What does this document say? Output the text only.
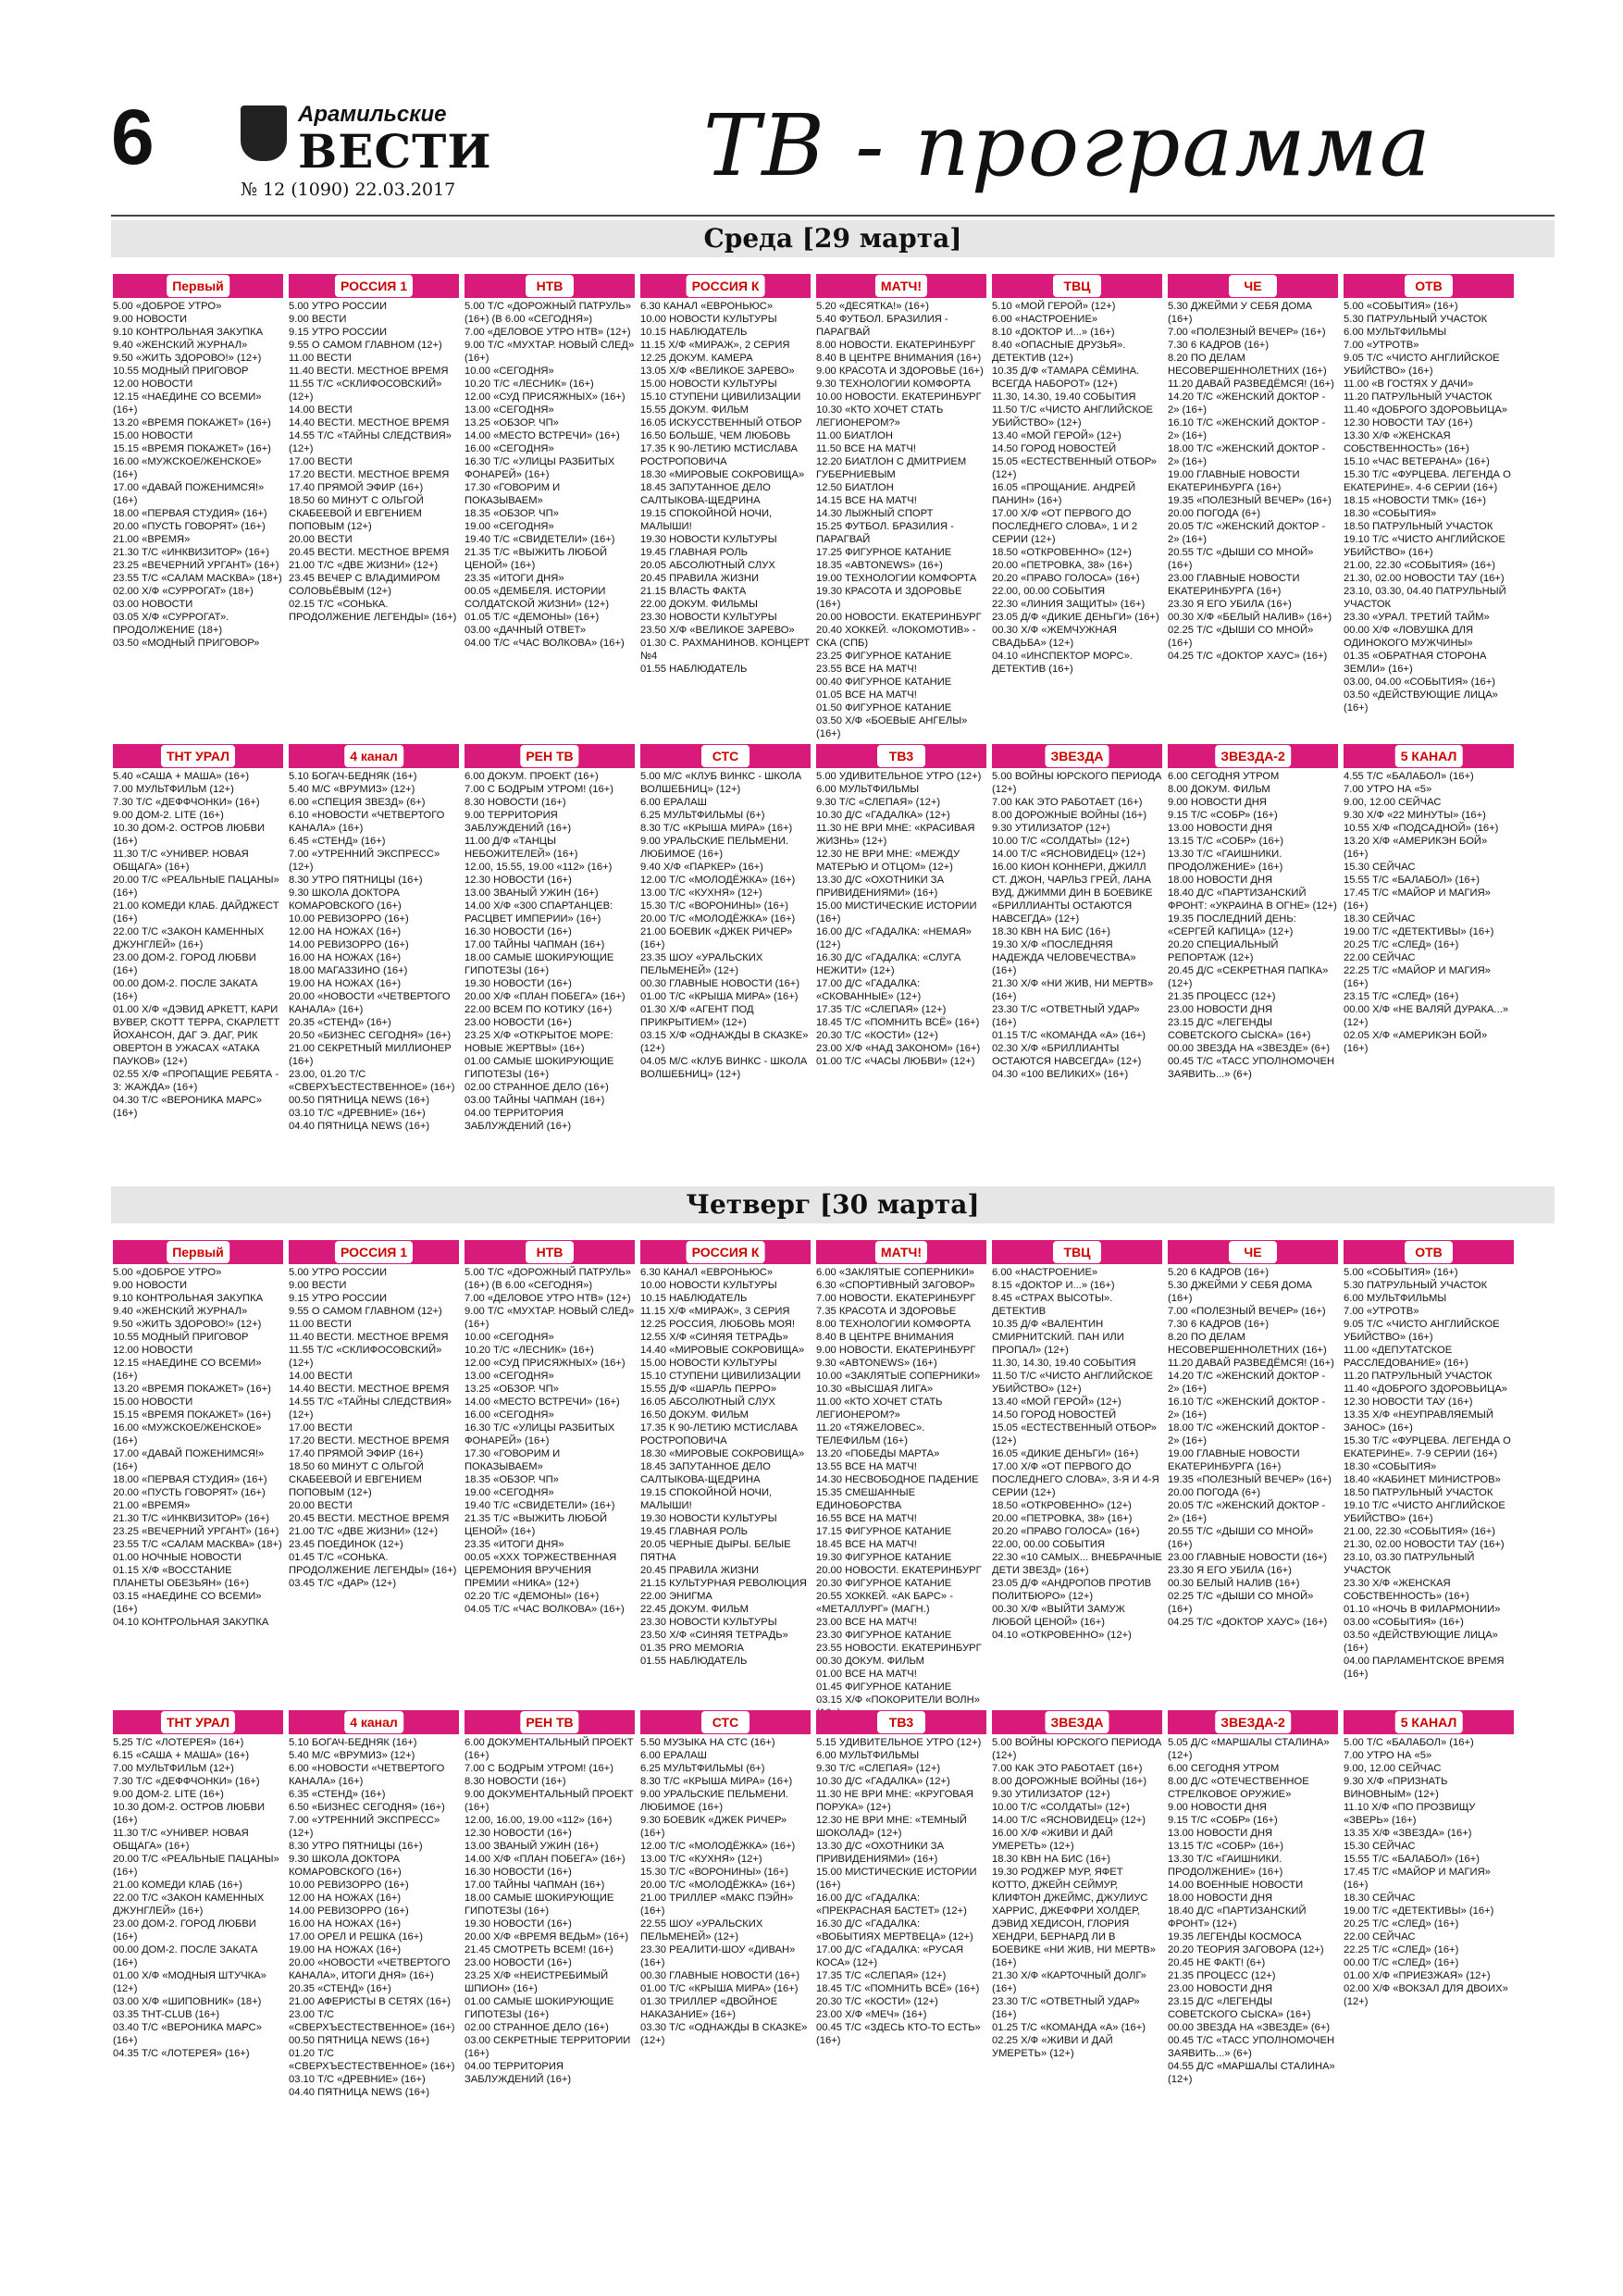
6	Арамильские
ВЕСТИ
№ 12 (1090) 22.03.2017	ТВ - программа
Среда [29 марта]
Первый
5.00 «ДОБРОЕ УТРО»
9.00 НОВОСТИ
9.10 КОНТРОЛЬНАЯ ЗАКУПКА
9.40 «ЖЕНСКИЙ ЖУРНАЛ»
9.50 «ЖИТЬ ЗДОРОВО!» (12+)
10.55 МОДНЫЙ ПРИГОВОР
12.00 НОВОСТИ
12.15 «НАЕДИНЕ СО ВСЕМИ» (16+)
13.20 «ВРЕМЯ ПОКАЖЕТ» (16+)
15.00 НОВОСТИ
15.15 «ВРЕМЯ ПОКАЖЕТ» (16+)
16.00 «МУЖСКОЕ/ЖЕНСКОЕ» (16+)
17.00 «ДАВАЙ ПОЖЕНИМСЯ!» (16+)
18.00 «ПЕРВАЯ СТУДИЯ» (16+)
20.00 «ПУСТЬ ГОВОРЯТ» (16+)
21.00 «ВРЕМЯ»
21.30 Т/С «ИНКВИЗИТОР» (16+)
23.25 «ВЕЧЕРНИЙ УРГАНТ» (16+)
23.55 Т/С «САЛАМ МАСКВА» (18+)
02.00 Х/Ф «СУРРОГАТ» (18+)
03.00 НОВОСТИ
03.05 Х/Ф «СУРРОГАТ». ПРОДОЛЖЕНИЕ (18+)
03.50 «МОДНЫЙ ПРИГОВОР»
РОССИЯ 1
5.00 УТРО РОССИИ
9.00 ВЕСТИ
9.15 УТРО РОССИИ
9.55 О САМОМ ГЛАВНОМ (12+)
11.00 ВЕСТИ
11.40 ВЕСТИ. МЕСТНОЕ ВРЕМЯ
11.55 Т/С «СКЛИФОСОВСКИЙ» (12+)
14.00 ВЕСТИ
14.40 ВЕСТИ. МЕСТНОЕ ВРЕМЯ
14.55 Т/С «ТАЙНЫ СЛЕДСТВИЯ» (12+)
17.00 ВЕСТИ
17.20 ВЕСТИ. МЕСТНОЕ ВРЕМЯ
17.40 ПРЯМОЙ ЭФИР (16+)
18.50 60 МИНУТ С ОЛЬГОЙ СКАБЕЕВОЙ И ЕВГЕНИЕМ ПОПОВЫМ (12+)
20.00 ВЕСТИ
20.45 ВЕСТИ. МЕСТНОЕ ВРЕМЯ
21.00 Т/С «ДВЕ ЖИЗНИ» (12+)
23.45 ВЕЧЕР С ВЛАДИМИРОМ СОЛОВЬЁВЫМ (12+)
02.15 Т/С «СОНЬКА. ПРОДОЛЖЕНИЕ ЛЕГЕНДЫ» (16+)
НТВ
5.00 Т/С «ДОРОЖНЫЙ ПАТРУЛЬ» (16+) (В 6.00 «СЕГОДНЯ»)
7.00 «ДЕЛОВОЕ УТРО НТВ» (12+)
9.00 Т/С «МУХТАР. НОВЫЙ СЛЕД» (16+)
10.00 «СЕГОДНЯ»
10.20 Т/С «ЛЕСНИК» (16+)
12.00 «СУД ПРИСЯЖНЫХ» (16+)
13.00 «СЕГОДНЯ»
13.25 «ОБЗОР. ЧП»
14.00 «МЕСТО ВСТРЕЧИ» (16+)
16.00 «СЕГОДНЯ»
16.30 Т/С «УЛИЦЫ РАЗБИТЫХ ФОНАРЕЙ» (16+)
17.30 «ГОВОРИМ И ПОКАЗЫВАЕМ»
18.35 «ОБЗОР. ЧП»
19.00 «СЕГОДНЯ»
19.40 Т/С «СВИДЕТЕЛИ» (16+)
21.35 Т/С «ВЫЖИТЬ ЛЮБОЙ ЦЕНОЙ» (16+)
23.35 «ИТОГИ ДНЯ»
00.05 «ДЕМБЕЛЯ. ИСТОРИИ СОЛДАТСКОЙ ЖИЗНИ» (12+)
01.05 Т/С «ДЕМОНЫ» (16+)
03.00 «ДАЧНЫЙ ОТВЕТ»
04.00 Т/С «ЧАС ВОЛКОВА» (16+)
РОССИЯ К
6.30 КАНАЛ «ЕВРОНЬЮС»
10.00 НОВОСТИ КУЛЬТУРЫ
10.15 НАБЛЮДАТЕЛЬ
11.15 Х/Ф «МИРАЖ», 2 СЕРИЯ
12.25 ДОКУМ. КАМЕРА
13.05 Х/Ф «ВЕЛИКОЕ ЗАРЕВО»
15.00 НОВОСТИ КУЛЬТУРЫ
15.10 СТУПЕНИ ЦИВИЛИЗАЦИИ
15.55 ДОКУМ. ФИЛЬМ
16.05 ИСКУССТВЕННЫЙ ОТБОР
16.50 БОЛЬШЕ, ЧЕМ ЛЮБОВЬ
17.35 К 90-ЛЕТИЮ МСТИСЛАВА РОСТРОПОВИЧА
18.30 «МИРОВЫЕ СОКРОВИЩА»
18.45 ЗАПУТАННОЕ ДЕЛО САЛТЫКОВА-ЩЕДРИНА
19.15 СПОКОЙНОЙ НОЧИ, МАЛЫШИ!
19.30 НОВОСТИ КУЛЬТУРЫ
19.45 ГЛАВНАЯ РОЛЬ
20.05 АБСОЛЮТНЫЙ СЛУХ
20.45 ПРАВИЛА ЖИЗНИ
21.15 ВЛАСТЬ ФАКТА
22.00 ДОКУМ. ФИЛЬМЫ
23.30 НОВОСТИ КУЛЬТУРЫ
23.50 Х/Ф «ВЕЛИКОЕ ЗАРЕВО»
01.30 С. РАХМАНИНОВ. КОНЦЕРТ №4
01.55 НАБЛЮДАТЕЛЬ
МАТЧ!
5.20 «ДЕСЯТКА!» (16+)
5.40 ФУТБОЛ. БРАЗИЛИЯ - ПАРАГВАЙ
8.00 НОВОСТИ. ЕКАТЕРИНБУРГ
8.40 В ЦЕНТРЕ ВНИМАНИЯ (16+)
9.00 КРАСОТА И ЗДОРОВЬЕ (16+)
9.30 ТЕХНОЛОГИИ КОМФОРТА
10.00 НОВОСТИ. ЕКАТЕРИНБУРГ
10.30 «КТО ХОЧЕТ СТАТЬ ЛЕГИОНЕРОМ?»
11.00 БИАТЛОН
11.50 ВСЕ НА МАТЧ!
12.20 БИАТЛОН С ДМИТРИЕМ ГУБЕРНИЕВЫМ
12.50 БИАТЛОН
14.15 ВСЕ НА МАТЧ!
14.30 ЛЫЖНЫЙ СПОРТ
15.25 ФУТБОЛ. БРАЗИЛИЯ - ПАРАГВАЙ
17.25 ФИГУРНОЕ КАТАНИЕ
18.35 «ABTONEWS» (16+)
19.00 ТЕХНОЛОГИИ КОМФОРТА
19.30 КРАСОТА И ЗДОРОВЬЕ (16+)
20.00 НОВОСТИ. ЕКАТЕРИНБУРГ
20.40 ХОККЕЙ. «ЛОКОМОТИВ» - СКА (СПБ)
23.25 ФИГУРНОЕ КАТАНИЕ
23.55 ВСЕ НА МАТЧ!
00.40 ФИГУРНОЕ КАТАНИЕ
01.05 ВСЕ НА МАТЧ!
01.50 ФИГУРНОЕ КАТАНИЕ
03.50 Х/Ф «БОЕВЫЕ АНГЕЛЫ» (16+)
ТВЦ
5.10 «МОЙ ГЕРОЙ» (12+)
6.00 «НАСТРОЕНИЕ»
8.10 «ДОКТОР И...» (16+)
8.40 «ОПАСНЫЕ ДРУЗЬЯ». ДЕТЕКТИВ (12+)
10.35 Д/Ф «ТАМАРА СЁМИНА. ВСЕГДА НАБОРОТ» (12+)
11.30, 14.30, 19.40 СОБЫТИЯ
11.50 Т/С «ЧИСТО АНГЛИЙСКОЕ УБИЙСТВО» (12+)
13.40 «МОЙ ГЕРОЙ» (12+)
14.50 ГОРОД НОВОСТЕЙ
15.05 «ЕСТЕСТВЕННЫЙ ОТБОР» (12+)
16.05 «ПРОЩАНИЕ. АНДРЕЙ ПАНИН» (16+)
17.00 Х/Ф «ОТ ПЕРВОГО ДО ПОСЛЕДНЕГО СЛОВА», 1 И 2 СЕРИИ (12+)
18.50 «ОТКРОВЕННО» (12+)
20.00 «ПЕТРОВКА, 38» (16+)
20.20 «ПРАВО ГОЛОСА» (16+)
22.00, 00.00 СОБЫТИЯ
22.30 «ЛИНИЯ ЗАЩИТЫ» (16+)
23.05 Д/Ф «ДИКИЕ ДЕНЬГИ» (16+)
00.30 Х/Ф «ЖЕМЧУЖНАЯ СВАДЬБА» (12+)
04.10 «ИНСПЕКТОР МОРС». ДЕТЕКТИВ (16+)
ЧЕ
5.30 ДЖЕЙМИ У СЕБЯ ДОМА (16+)
7.00 «ПОЛЕЗНЫЙ ВЕЧЕР» (16+)
7.30 6 КАДРОВ (16+)
8.20 ПО ДЕЛАМ НЕСОВЕРШЕННОЛЕТНИХ (16+)
11.20 ДАВАЙ РАЗВЕДЁМСЯ! (16+)
14.20 Т/С «ЖЕНСКИЙ ДОКТОР - 2» (16+)
16.10 Т/С «ЖЕНСКИЙ ДОКТОР - 2» (16+)
18.00 Т/С «ЖЕНСКИЙ ДОКТОР - 2» (16+)
19.00 ГЛАВНЫЕ НОВОСТИ ЕКАТЕРИНБУРГА (16+)
19.35 «ПОЛЕЗНЫЙ ВЕЧЕР» (16+)
20.00 ПОГОДА (6+)
20.05 Т/С «ЖЕНСКИЙ ДОКТОР - 2» (16+)
20.55 Т/С «ДЫШИ СО МНОЙ» (16+)
23.00 ГЛАВНЫЕ НОВОСТИ ЕКАТЕРИНБУРГА (16+)
23.30 Я ЕГО УБИЛА (16+)
00.30 Х/Ф «БЕЛЫЙ НАЛИВ» (16+)
02.25 Т/С «ДЫШИ СО МНОЙ» (16+)
04.25 Т/С «ДОКТОР ХАУС» (16+)
ОТВ
5.00 «СОБЫТИЯ» (16+)
5.30 ПАТРУЛЬНЫЙ УЧАСТОК
6.00 МУЛЬТФИЛЬМЫ
7.00 «УТРОТВ»
9.05 Т/С «ЧИСТО АНГЛИЙСКОЕ УБИЙСТВО» (16+)
11.00 «В ГОСТЯХ У ДАЧИ»
11.20 ПАТРУЛЬНЫЙ УЧАСТОК
11.40 «ДОБРОГО ЗДОРОВЬИЦА»
12.30 НОВОСТИ ТАУ (16+)
13.30 Х/Ф «ЖЕНСКАЯ СОБСТВЕННОСТЬ» (16+)
15.10 «ЧАС ВЕТЕРАНА» (16+)
15.30 Т/С «ФУРЦЕВА. ЛЕГЕНДА О ЕКАТЕРИНЕ». 4-6 СЕРИИ (16+)
18.15 «НОВОСТИ ТМК» (16+)
18.30 «СОБЫТИЯ»
18.50 ПАТРУЛЬНЫЙ УЧАСТОК
19.10 Т/С «ЧИСТО АНГЛИЙСКОЕ УБИЙСТВО» (16+)
21.00, 22.30 «СОБЫТИЯ» (16+)
21.30, 02.00 НОВОСТИ ТАУ (16+)
23.10, 03.30, 04.40 ПАТРУЛЬНЫЙ УЧАСТОК
23.30 «УРАЛ. ТРЕТИЙ ТАЙМ»
00.00 Х/Ф «ЛОВУШКА ДЛЯ ОДИНОКОГО МУЖЧИНЫ»
01.35 «ОБРАТНАЯ СТОРОНА ЗЕМЛИ» (16+)
03.00, 04.00 «СОБЫТИЯ» (16+)
03.50 «ДЕЙСТВУЮЩИЕ ЛИЦА» (16+)
ТНТ УРАЛ
5.40 «САША + МАША» (16+)
7.00 МУЛЬТФИЛЬМ (12+)
7.30 Т/С «ДЕФФЧОНКИ» (16+)
9.00 ДОМ-2. LITE (16+)
10.30 ДОМ-2. ОСТРОВ ЛЮБВИ (16+)
11.30 Т/С «УНИВЕР. НОВАЯ ОБЩАГА» (16+)
20.00 Т/С «РЕАЛЬНЫЕ ПАЦАНЫ» (16+)
21.00 КОМЕДИ КЛАБ. ДАЙДЖЕСТ (16+)
22.00 Т/С «ЗАКОН КАМЕННЫХ ДЖУНГЛЕЙ» (16+)
23.00 ДОМ-2. ГОРОД ЛЮБВИ (16+)
00.00 ДОМ-2. ПОСЛЕ ЗАКАТА (16+)
01.00 Х/Ф «ДЭВИД АРКЕТТ, КАРИ ВУВЕР, СКОТТ ТЕРРА, СКАРЛЕТТ ЙОХАНСОН, ДАГ Э. ДАГ, РИК ОВЕРТОН В УЖАСАХ «АТАКА ПАУКОВ» (12+)
02.55 Х/Ф «ПРОПАЩИЕ РЕБЯТА - 3: ЖАЖДА» (16+)
04.30 Т/С «ВЕРОНИКА МАРС» (16+)
4 канал
5.10 БОГАЧ-БЕДНЯК (16+)
5.40 М/С «ВРУМИЗ» (12+)
6.00 «СПЕЦИЯ ЗВЕЗД» (6+)
6.10 «НОВОСТИ «ЧЕТВЕРТОГО КАНАЛА» (16+)
6.45 «СТЕНД» (16+)
7.00 «УТРЕННИЙ ЭКСПРЕСС» (12+)
8.30 УТРО ПЯТНИЦЫ (16+)
9.30 ШКОЛА ДОКТОРА КОМАРОВСКОГО (16+)
10.00 РЕВИЗОРРО (16+)
12.00 НА НОЖАХ (16+)
14.00 РЕВИЗОРРО (16+)
16.00 НА НОЖАХ (16+)
18.00 МАГАЗЗИНО (16+)
19.00 НА НОЖАХ (16+)
20.00 «НОВОСТИ «ЧЕТВЕРТОГО КАНАЛА» (16+)
20.35 «СТЕНД» (16+)
20.50 «БИЗНЕС СЕГОДНЯ» (16+)
21.00 СЕКРЕТНЫЙ МИЛЛИОНЕР (16+)
23.00, 01.20 Т/С «СВЕРХЪЕСТЕСТВЕННОЕ» (16+)
00.50 ПЯТНИЦА NEWS (16+)
03.10 Т/С «ДРЕВНИЕ» (16+)
04.40 ПЯТНИЦА NEWS (16+)
РЕН ТВ
6.00 ДОКУМ. ПРОЕКТ (16+)
7.00 С БОДРЫМ УТРОМ! (16+)
8.30 НОВОСТИ (16+)
9.00 ТЕРРИТОРИЯ ЗАБЛУЖДЕНИЙ (16+)
11.00 Д/Ф «ТАНЦЫ НЕБОЖИТЕЛЕЙ» (16+)
12.00, 15.55, 19.00 «112» (16+)
12.30 НОВОСТИ (16+)
13.00 ЗВАНЫЙ УЖИН (16+)
14.00 Х/Ф «300 СПАРТАНЦЕВ: РАСЦВЕТ ИМПЕРИИ» (16+)
16.30 НОВОСТИ (16+)
17.00 ТАЙНЫ ЧАПМАН (16+)
18.00 САМЫЕ ШОКИРУЮЩИЕ ГИПОТЕЗЫ (16+)
19.30 НОВОСТИ (16+)
20.00 Х/Ф «ПЛАН ПОБЕГА» (16+)
22.00 ВСЕМ ПО КОТИКУ (16+)
23.00 НОВОСТИ (16+)
23.25 Х/Ф «ОТКРЫТОЕ МОРЕ: НОВЫЕ ЖЕРТВЫ» (16+)
01.00 САМЫЕ ШОКИРУЮЩИЕ ГИПОТЕЗЫ (16+)
02.00 СТРАННОЕ ДЕЛО (16+)
03.00 ТАЙНЫ ЧАПМАН (16+)
04.00 ТЕРРИТОРИЯ ЗАБЛУЖДЕНИЙ (16+)
СТС
5.00 М/С «КЛУБ ВИНКС - ШКОЛА ВОЛШЕБНИЦ» (12+)
6.00 ЕРАЛАШ
6.25 МУЛЬТФИЛЬМЫ (6+)
8.30 Т/С «КРЫША МИРА» (16+)
9.00 УРАЛЬСКИЕ ПЕЛЬМЕНИ. ЛЮБИМОЕ (16+)
9.40 Х/Ф «ПАРКЕР» (16+)
12.00 Т/С «МОЛОДЁЖКА» (16+)
13.00 Т/С «КУХНЯ» (12+)
15.30 Т/С «ВОРОНИНЫ» (16+)
20.00 Т/С «МОЛОДЁЖКА» (16+)
21.00 БОЕВИК «ДЖЕК РИЧЕР» (16+)
23.35 ШОУ «УРАЛЬСКИХ ПЕЛЬМЕНЕЙ» (12+)
00.30 ГЛАВНЫЕ НОВОСТИ (16+)
01.00 Т/С «КРЫША МИРА» (16+)
01.30 Х/Ф «АГЕНТ ПОД ПРИКРЫТИЕМ» (12+)
03.15 Х/Ф «ОДНАЖДЫ В СКАЗКЕ» (12+)
04.05 М/С «КЛУБ ВИНКС - ШКОЛА ВОЛШЕБНИЦ» (12+)
ТВ3
5.00 УДИВИТЕЛЬНОЕ УТРО (12+)
6.00 МУЛЬТФИЛЬМЫ
9.30 Т/С «СЛЕПАЯ» (12+)
10.30 Д/С «ГАДАЛКА» (12+)
11.30 НЕ ВРИ МНЕ: «КРАСИВАЯ ЖИЗНЬ» (12+)
12.30 НЕ ВРИ МНЕ: «МЕЖДУ МАТЕРЬЮ И ОТЦОМ» (12+)
13.30 Д/С «ОХОТНИКИ ЗА ПРИВИДЕНИЯМИ» (16+)
15.00 МИСТИЧЕСКИЕ ИСТОРИИ (16+)
16.00 Д/С «ГАДАЛКА: «НЕМАЯ» (12+)
16.30 Д/С «ГАДАЛКА: «СЛУГА НЕЖИТИ» (12+)
17.00 Д/С «ГАДАЛКА: «СКОВАННЫЕ» (12+)
17.35 Т/С «СЛЕПАЯ» (12+)
18.45 Т/С «ПОМНИТЬ ВСЁ» (16+)
20.30 Т/С «КОСТИ» (12+)
23.00 Х/Ф «НАД ЗАКОНОМ» (16+)
01.00 Т/С «ЧАСЫ ЛЮБВИ» (12+)
ЗВЕЗДА
5.00 ВОЙНЫ ЮРСКОГО ПЕРИОДА (12+)
7.00 КАК ЭТО РАБОТАЕТ (16+)
8.00 ДОРОЖНЫЕ ВОЙНЫ (16+)
9.30 УТИЛИЗАТОР (12+)
10.00 Т/С «СОЛДАТЫ» (12+)
14.00 Т/С «ЯСНОВИДЕЦ» (12+)
16.00 КИОН КОННЕРИ, ДЖИЛЛ СТ. ДЖОН, ЧАРЛЬЗ ГРЕЙ, ЛАНА ВУД, ДЖИММИ ДИН В БОЕВИКЕ «БРИЛЛИАНТЫ ОСТАЮТСЯ НАВСЕГДА» (12+)
18.30 КВН НА БИС (16+)
19.30 Х/Ф «ПОСЛЕДНЯЯ НАДЕЖДА ЧЕЛОВЕЧЕСТВА» (16+)
21.30 Х/Ф «НИ ЖИВ, НИ МЕРТВ» (16+)
23.30 Т/С «ОТВЕТНЫЙ УДАР» (16+)
01.15 Т/С «КОМАНДА «А» (16+)
02.30 Х/Ф «БРИЛЛИАНТЫ ОСТАЮТСЯ НАВСЕГДА» (12+)
04.30 «100 ВЕЛИКИХ» (16+)
ЗВЕЗДА-2
6.00 СЕГОДНЯ УТРОМ
8.00 ДОКУМ. ФИЛЬМ
9.00 НОВОСТИ ДНЯ
9.15 Т/С «СОБР» (16+)
13.00 НОВОСТИ ДНЯ
13.15 Т/С «СОБР» (16+)
13.30 Т/С «ГАИШНИКИ. ПРОДОЛЖЕНИЕ» (16+)
18.00 НОВОСТИ ДНЯ
18.40 Д/С «ПАРТИЗАНСКИЙ ФРОНТ: «УКРАИНА В ОГНЕ» (12+)
19.35 ПОСЛЕДНИЙ ДЕНЬ: «СЕРГЕЙ КАПИЦА» (12+)
20.20 СПЕЦИАЛЬНЫЙ РЕПОРТАЖ (12+)
20.45 Д/С «СЕКРЕТНАЯ ПАПКА» (12+)
21.35 ПРОЦЕСС (12+)
23.00 НОВОСТИ ДНЯ
23.15 Д/С «ЛЕГЕНДЫ СОВЕТСКОГО СЫСКА» (16+)
00.00 ЗВЕЗДА НА «ЗВЕЗДЕ» (6+)
00.45 Т/С «ТАСС УПОЛНОМОЧЕН ЗАЯВИТЬ...» (6+)
5 КАНАЛ
4.55 Т/С «БАЛАБОЛ» (16+)
7.00 УТРО НА «5»
9.00, 12.00 СЕЙЧАС
9.30 Х/Ф «22 МИНУТЫ» (16+)
10.55 Х/Ф «ПОДСАДНОЙ» (16+)
13.20 Х/Ф «АМЕРИКЭН БОЙ» (16+)
15.30 СЕЙЧАС
15.55 Т/С «БАЛАБОЛ» (16+)
17.45 Т/С «МАЙОР И МАГИЯ» (16+)
18.30 СЕЙЧАС
19.00 Т/С «ДЕТЕКТИВЫ» (16+)
20.25 Т/С «СЛЕД» (16+)
22.00 СЕЙЧАС
22.25 Т/С «МАЙОР И МАГИЯ» (16+)
23.15 Т/С «СЛЕД» (16+)
00.00 Х/Ф «НЕ ВАЛЯЙ ДУРАКА...» (12+)
02.05 Х/Ф «АМЕРИКЭН БОЙ» (16+)
Четверг [30 марта]
Первый
5.00 «ДОБРОЕ УТРО»
9.00 НОВОСТИ
9.10 КОНТРОЛЬНАЯ ЗАКУПКА
9.40 «ЖЕНСКИЙ ЖУРНАЛ»
9.50 «ЖИТЬ ЗДОРОВО!» (12+)
10.55 МОДНЫЙ ПРИГОВОР
12.00 НОВОСТИ
12.15 «НАЕДИНЕ СО ВСЕМИ» (16+)
13.20 «ВРЕМЯ ПОКАЖЕТ» (16+)
15.00 НОВОСТИ
15.15 «ВРЕМЯ ПОКАЖЕТ» (16+)
16.00 «МУЖСКОЕ/ЖЕНСКОЕ» (16+)
17.00 «ДАВАЙ ПОЖЕНИМСЯ!» (16+)
18.00 «ПЕРВАЯ СТУДИЯ» (16+)
20.00 «ПУСТЬ ГОВОРЯТ» (16+)
21.00 «ВРЕМЯ»
21.30 Т/С «ИНКВИЗИТОР» (16+)
23.25 «ВЕЧЕРНИЙ УРГАНТ» (16+)
23.55 Т/С «САЛАМ МАСКВА» (18+)
01.00 НОЧНЫЕ НОВОСТИ
01.15 Х/Ф «ВОССТАНИЕ ПЛАНЕТЫ ОБЕЗЬЯН» (16+)
03.15 «НАЕДИНЕ СО ВСЕМИ» (16+)
04.10 КОНТРОЛЬНАЯ ЗАКУПКА
РОССИЯ 1
5.00 УТРО РОССИИ
9.00 ВЕСТИ
9.15 УТРО РОССИИ
9.55 О САМОМ ГЛАВНОМ (12+)
11.00 ВЕСТИ
11.40 ВЕСТИ. МЕСТНОЕ ВРЕМЯ
11.55 Т/С «СКЛИФОСОВСКИЙ» (12+)
14.00 ВЕСТИ
14.40 ВЕСТИ. МЕСТНОЕ ВРЕМЯ
14.55 Т/С «ТАЙНЫ СЛЕДСТВИЯ» (12+)
17.00 ВЕСТИ
17.20 ВЕСТИ. МЕСТНОЕ ВРЕМЯ
17.40 ПРЯМОЙ ЭФИР (16+)
18.50 60 МИНУТ С ОЛЬГОЙ СКАБЕЕВОЙ И ЕВГЕНИЕМ ПОПОВЫМ (12+)
20.00 ВЕСТИ
20.45 ВЕСТИ. МЕСТНОЕ ВРЕМЯ
21.00 Т/С «ДВЕ ЖИЗНИ» (12+)
23.45 ПОЕДИНОК (12+)
01.45 Т/С «СОНЬКА. ПРОДОЛЖЕНИЕ ЛЕГЕНДЫ» (16+)
03.45 Т/С «ДАР» (12+)
НТВ
5.00 Т/С «ДОРОЖНЫЙ ПАТРУЛЬ» (16+) (В 6.00 «СЕГОДНЯ»)
7.00 «ДЕЛОВОЕ УТРО НТВ» (12+)
9.00 Т/С «МУХТАР. НОВЫЙ СЛЕД» (16+)
10.00 «СЕГОДНЯ»
10.20 Т/С «ЛЕСНИК» (16+)
12.00 «СУД ПРИСЯЖНЫХ» (16+)
13.00 «СЕГОДНЯ»
13.25 «ОБЗОР. ЧП»
14.00 «МЕСТО ВСТРЕЧИ» (16+)
16.00 «СЕГОДНЯ»
16.30 Т/С «УЛИЦЫ РАЗБИТЫХ ФОНАРЕЙ» (16+)
17.30 «ГОВОРИМ И ПОКАЗЫВАЕМ»
18.35 «ОБЗОР. ЧП»
19.00 «СЕГОДНЯ»
19.40 Т/С «СВИДЕТЕЛИ» (16+)
21.35 Т/С «ВЫЖИТЬ ЛЮБОЙ ЦЕНОЙ» (16+)
23.35 «ИТОГИ ДНЯ»
00.05 «XXX ТОРЖЕСТВЕННАЯ ЦЕРЕМОНИЯ ВРУЧЕНИЯ ПРЕМИИ «НИКА» (12+)
02.20 Т/С «ДЕМОНЫ» (16+)
04.05 Т/С «ЧАС ВОЛКОВА» (16+)
РОССИЯ К
6.30 КАНАЛ «ЕВРОНЬЮС»
10.00 НОВОСТИ КУЛЬТУРЫ
10.15 НАБЛЮДАТЕЛЬ
11.15 Х/Ф «МИРАЖ», 3 СЕРИЯ
12.25 РОССИЯ, ЛЮБОВЬ МОЯ!
12.55 Х/Ф «СИНЯЯ ТЕТРАДЬ»
14.40 «МИРОВЫЕ СОКРОВИЩА»
15.00 НОВОСТИ КУЛЬТУРЫ
15.10 СТУПЕНИ ЦИВИЛИЗАЦИИ
15.55 Д/Ф «ШАРЛЬ ПЕРРО»
16.05 АБСОЛЮТНЫЙ СЛУХ
16.50 ДОКУМ. ФИЛЬМ
17.35 К 90-ЛЕТИЮ МСТИСЛАВА РОСТРОПОВИЧА
18.30 «МИРОВЫЕ СОКРОВИЩА»
18.45 ЗАПУТАННОЕ ДЕЛО САЛТЫКОВА-ЩЕДРИНА
19.15 СПОКОЙНОЙ НОЧИ, МАЛЫШИ!
19.30 НОВОСТИ КУЛЬТУРЫ
19.45 ГЛАВНАЯ РОЛЬ
20.05 ЧЕРНЫЕ ДЫРЫ. БЕЛЫЕ ПЯТНА
20.45 ПРАВИЛА ЖИЗНИ
21.15 КУЛЬТУРНАЯ РЕВОЛЮЦИЯ
22.00 ЭНИГМА
22.45 ДОКУМ. ФИЛЬМ
23.30 НОВОСТИ КУЛЬТУРЫ
23.50 Х/Ф «СИНЯЯ ТЕТРАДЬ»
01.35 PRO MEMORIA
01.55 НАБЛЮДАТЕЛЬ
МАТЧ!
6.00 «ЗАКЛЯТЫЕ СОПЕРНИКИ»
6.30 «СПОРТИВНЫЙ ЗАГОВОР»
7.00 НОВОСТИ. ЕКАТЕРИНБУРГ
7.35 КРАСОТА И ЗДОРОВЬЕ
8.00 ТЕХНОЛОГИИ КОМФОРТА
8.40 В ЦЕНТРЕ ВНИМАНИЯ
9.00 НОВОСТИ. ЕКАТЕРИНБУРГ
9.30 «ABTONEWS» (16+)
10.00 «ЗАКЛЯТЫЕ СОПЕРНИКИ»
10.30 «ВЫСШАЯ ЛИГА»
11.00 «КТО ХОЧЕТ СТАТЬ ЛЕГИОНЕРОМ?»
11.20 «ТЯЖЕЛОВЕС». ТЕЛЕФИЛЬМ (16+)
13.20 «ПОБЕДЫ МАРТА»
13.55 ВСЕ НА МАТЧ!
14.30 НЕСВОБОДНОЕ ПАДЕНИЕ
15.35 СМЕШАННЫЕ ЕДИНОБОРСТВА
16.55 ВСЕ НА МАТЧ!
17.15 ФИГУРНОЕ КАТАНИЕ
18.45 ВСЕ НА МАТЧ!
19.30 ФИГУРНОЕ КАТАНИЕ
20.00 НОВОСТИ. ЕКАТЕРИНБУРГ
20.30 ФИГУРНОЕ КАТАНИЕ
20.55 ХОККЕЙ. «АК БАРС» - «МЕТАЛЛУРГ» (МАГН.)
23.00 ВСЕ НА МАТЧ!
23.30 ФИГУРНОЕ КАТАНИЕ
23.55 НОВОСТИ. ЕКАТЕРИНБУРГ
00.30 ДОКУМ. ФИЛЬМ
01.00 ВСЕ НА МАТЧ!
01.45 ФИГУРНОЕ КАТАНИЕ
03.15 Х/Ф «ПОКОРИТЕЛИ ВОЛН»
ТВЦ
6.00 «НАСТРОЕНИЕ»
8.15 «ДОКТОР И...» (16+)
8.45 «СТРАХ ВЫСОТЫ». ДЕТЕКТИВ
10.35 Д/Ф «ВАЛЕНТИН СМИРНИТСКИЙ. ПАН ИЛИ ПРОПАЛ» (12+)
11.30, 14.30, 19.40 СОБЫТИЯ
11.50 Т/С «ЧИСТО АНГЛИЙСКОЕ УБИЙСТВО» (12+)
13.40 «МОЙ ГЕРОЙ» (12+)
14.50 ГОРОД НОВОСТЕЙ
15.05 «ЕСТЕСТВЕННЫЙ ОТБОР» (12+)
16.05 «ДИКИЕ ДЕНЬГИ» (16+)
17.00 Х/Ф «ОТ ПЕРВОГО ДО ПОСЛЕДНЕГО СЛОВА», 3-Я И 4-Я СЕРИИ (12+)
18.50 «ОТКРОВЕННО» (12+)
20.00 «ПЕТРОВКА, 38» (16+)
20.20 «ПРАВО ГОЛОСА» (16+)
22.00, 00.00 СОБЫТИЯ
22.30 «10 САМЫХ... ВНЕБРАЧНЫЕ ДЕТИ ЗВЕЗД» (16+)
23.05 Д/Ф «АНДРОПОВ ПРОТИВ ПОЛИТБЮРО» (12+)
00.30 Х/Ф «ВЫЙТИ ЗАМУЖ ЛЮБОЙ ЦЕНОЙ» (16+)
04.10 «ОТКРОВЕННО» (12+)
ЧЕ
5.20 6 КАДРОВ (16+)
5.30 ДЖЕЙМИ У СЕБЯ ДОМА (16+)
7.00 «ПОЛЕЗНЫЙ ВЕЧЕР» (16+)
7.30 6 КАДРОВ (16+)
8.20 ПО ДЕЛАМ НЕСОВЕРШЕННОЛЕТНИХ (16+)
11.20 ДАВАЙ РАЗВЕДЁМСЯ! (16+)
14.20 Т/С «ЖЕНСКИЙ ДОКТОР - 2» (16+)
16.10 Т/С «ЖЕНСКИЙ ДОКТОР - 2» (16+)
18.00 Т/С «ЖЕНСКИЙ ДОКТОР - 2» (16+)
19.00 ГЛАВНЫЕ НОВОСТИ ЕКАТЕРИНБУРГА (16+)
19.35 «ПОЛЕЗНЫЙ ВЕЧЕР» (16+)
20.00 ПОГОДА (6+)
20.05 Т/С «ЖЕНСКИЙ ДОКТОР - 2» (16+)
20.55 Т/С «ДЫШИ СО МНОЙ» (16+)
23.00 ГЛАВНЫЕ НОВОСТИ (16+)
23.30 Я ЕГО УБИЛА (16+)
00.30 БЕЛЫЙ НАЛИВ (16+)
02.25 Т/С «ДЫШИ СО МНОЙ» (16+)
04.25 Т/С «ДОКТОР ХАУС» (16+)
ОТВ
5.00 «СОБЫТИЯ» (16+)
5.30 ПАТРУЛЬНЫЙ УЧАСТОК
6.00 МУЛЬТФИЛЬМЫ
7.00 «УТРОТВ»
9.05 Т/С «ЧИСТО АНГЛИЙСКОЕ УБИЙСТВО» (16+)
11.00 «ДЕПУТАТСКОЕ РАССЛЕДОВАНИЕ» (16+)
11.20 ПАТРУЛЬНЫЙ УЧАСТОК
11.40 «ДОБРОГО ЗДОРОВЬИЦА»
12.30 НОВОСТИ ТАУ (16+)
13.35 Х/Ф «НЕУПРАВЛЯЕМЫЙ ЗАНОС» (16+)
15.30 Т/С «ФУРЦЕВА. ЛЕГЕНДА О ЕКАТЕРИНЕ». 7-9 СЕРИИ (16+)
18.30 «СОБЫТИЯ»
18.40 «КАБИНЕТ МИНИСТРОВ»
18.50 ПАТРУЛЬНЫЙ УЧАСТОК
19.10 Т/С «ЧИСТО АНГЛИЙСКОЕ УБИЙСТВО» (16+)
21.00, 22.30 «СОБЫТИЯ» (16+)
21.30, 02.00 НОВОСТИ ТАУ (16+)
23.10, 03.30 ПАТРУЛЬНЫЙ УЧАСТОК
23.30 Х/Ф «ЖЕНСКАЯ СОБСТВЕННОСТЬ» (16+)
01.10 «НОЧЬ В ФИЛАРМОНИИ»
03.00 «СОБЫТИЯ» (16+)
03.50 «ДЕЙСТВУЮЩИЕ ЛИЦА» (16+)
04.00 ПАРЛАМЕНТСКОЕ ВРЕМЯ (16+)
ТНТ УРАЛ
5.25 Т/С «ЛОТЕРЕЯ» (16+)
6.15 «САША + МАША» (16+)
7.00 МУЛЬТФИЛЬМ (12+)
7.30 Т/С «ДЕФФЧОНКИ» (16+)
9.00 ДОМ-2. LITE (16+)
10.30 ДОМ-2. ОСТРОВ ЛЮБВИ (16+)
11.30 Т/С «УНИВЕР. НОВАЯ ОБЩАГА» (16+)
20.00 Т/С «РЕАЛЬНЫЕ ПАЦАНЫ» (16+)
21.00 КОМЕДИ КЛАБ (16+)
22.00 Т/С «ЗАКОН КАМЕННЫХ ДЖУНГЛЕЙ» (16+)
23.00 ДОМ-2. ГОРОД ЛЮБВИ (16+)
00.00 ДОМ-2. ПОСЛЕ ЗАКАТА (16+)
01.00 Х/Ф «МОДНЫЯ ШТУЧКА» (12+)
03.00 Х/Ф «ШИПОВНИК» (18+)
03.35 THT-CLUB (16+)
03.40 Т/С «ВЕРОНИКА МАРС» (16+)
04.35 Т/С «ЛОТЕРЕЯ» (16+)
4 канал
5.10 БОГАЧ-БЕДНЯК (16+)
5.40 М/С «ВРУМИЗ» (12+)
6.00 «НОВОСТИ «ЧЕТВЕРТОГО КАНАЛА» (16+)
6.35 «СТЕНД» (16+)
6.50 «БИЗНЕС СЕГОДНЯ» (16+)
7.00 «УТРЕННИЙ ЭКСПРЕСС» (12+)
8.30 УТРО ПЯТНИЦЫ (16+)
9.30 ШКОЛА ДОКТОРА КОМАРОВСКОГО (16+)
10.00 РЕВИЗОРРО (16+)
12.00 НА НОЖАХ (16+)
14.00 РЕВИЗОРРО (16+)
16.00 НА НОЖАХ (16+)
17.00 ОРЕЛ И РЕШКА (16+)
19.00 НА НОЖАХ (16+)
20.00 «НОВОСТИ «ЧЕТВЕРТОГО КАНАЛА», ИТОГИ ДНЯ» (16+)
20.35 «СТЕНД» (16+)
21.00 АФЕРИСТЫ В СЕТЯХ (16+)
23.00 Т/С «СВЕРХЪЕСТЕСТВЕННОЕ» (16+)
00.50 ПЯТНИЦА NEWS (16+)
01.20 Т/С «СВЕРХЪЕСТЕСТВЕННОЕ» (16+)
03.10 Т/С «ДРЕВНИЕ» (16+)
04.40 ПЯТНИЦА NEWS (16+)
РЕН ТВ
6.00 ДОКУМЕНТАЛЬНЫЙ ПРОЕКТ (16+)
7.00 С БОДРЫМ УТРОМ! (16+)
8.30 НОВОСТИ (16+)
9.00 ДОКУМЕНТАЛЬНЫЙ ПРОЕКТ (16+)
12.00, 16.00, 19.00 «112» (16+)
12.30 НОВОСТИ (16+)
13.00 ЗВАНЫЙ УЖИН (16+)
14.00 Х/Ф «ПЛАН ПОБЕГА» (16+)
16.30 НОВОСТИ (16+)
17.00 ТАЙНЫ ЧАПМАН (16+)
18.00 САМЫЕ ШОКИРУЮЩИЕ ГИПОТЕЗЫ (16+)
19.30 НОВОСТИ (16+)
20.00 Х/Ф «ВРЕМЯ ВЕДЬМ» (16+)
21.45 СМОТРЕТЬ ВСЕМ! (16+)
23.00 НОВОСТИ (16+)
23.25 Х/Ф «НЕИСТРЕБИМЫЙ ШПИОН» (16+)
01.00 САМЫЕ ШОКИРУЮЩИЕ ГИПОТЕЗЫ (16+)
02.00 СТРАННОЕ ДЕЛО (16+)
03.00 СЕКРЕТНЫЕ ТЕРРИТОРИИ (16+)
04.00 ТЕРРИТОРИЯ ЗАБЛУЖДЕНИЙ (16+)
СТС
5.50 МУЗЫКА НА СТС (16+)
6.00 ЕРАЛАШ
6.25 МУЛЬТФИЛЬМЫ (6+)
8.30 Т/С «КРЫША МИРА» (16+)
9.00 УРАЛЬСКИЕ ПЕЛЬМЕНИ. ЛЮБИМОЕ (16+)
9.30 БОЕВИК «ДЖЕК РИЧЕР» (16+)
12.00 Т/С «МОЛОДЁЖКА» (16+)
13.00 Т/С «КУХНЯ» (12+)
15.30 Т/С «ВОРОНИНЫ» (16+)
20.00 Т/С «МОЛОДЁЖКА» (16+)
21.00 ТРИЛЛЕР «МАКС ПЭЙН» (16+)
22.55 ШОУ «УРАЛЬСКИХ ПЕЛЬМЕНЕЙ» (12+)
23.30 РЕАЛИТИ-ШОУ «ДИВАН» (16+)
00.30 ГЛАВНЫЕ НОВОСТИ (16+)
01.00 Т/С «КРЫША МИРА» (16+)
01.30 ТРИЛЛЕР «ДВОЙНОЕ НАКАЗАНИЕ» (16+)
03.30 Т/С «ОДНАЖДЫ В СКАЗКЕ» (12+)
ТВ3
5.15 УДИВИТЕЛЬНОЕ УТРО (12+)
6.00 МУЛЬТФИЛЬМЫ
9.30 Т/С «СЛЕПАЯ» (12+)
10.30 Д/С «ГАДАЛКА» (12+)
11.30 НЕ ВРИ МНЕ: «КРУГОВАЯ ПОРУКА» (12+)
12.30 НЕ ВРИ МНЕ: «ТЕМНЫЙ ШОКОЛАД» (12+)
13.30 Д/С «ОХОТНИКИ ЗА ПРИВИДЕНИЯМИ» (16+)
15.00 МИСТИЧЕСКИЕ ИСТОРИИ (16+)
16.00 Д/С «ГАДАЛКА: «ПРЕКРАСНАЯ БАСТЕТ» (12+)
16.30 Д/С «ГАДАЛКА: «ВОБЫТИЯХ МЕРТВЕЦА» (12+)
17.00 Д/С «ГАДАЛКА: «РУСАЯ КОСА» (12+)
17.35 Т/С «СЛЕПАЯ» (12+)
18.45 Т/С «ПОМНИТЬ ВСЁ» (16+)
20.30 Т/С «КОСТИ» (12+)
23.00 Х/Ф «МЕЧ» (16+)
00.45 Т/С «ЗДЕСЬ КТО-ТО ЕСТЬ» (16+)
ЗВЕЗДА
5.00 ВОЙНЫ ЮРСКОГО ПЕРИОДА (12+)
7.00 КАК ЭТО РАБОТАЕТ (16+)
8.00 ДОРОЖНЫЕ ВОЙНЫ (16+)
9.30 УТИЛИЗАТОР (12+)
10.00 Т/С «СОЛДАТЫ» (12+)
14.00 Т/С «ЯСНОВИДЕЦ» (12+)
16.00 Х/Ф «ЖИВИ И ДАЙ УМЕРЕТЬ» (12+)
18.30 КВН НА БИС (16+)
19.30 РОДЖЕР МУР, ЯФЕТ КОТТО, ДЖЕЙН СЕЙМУР, КЛИФТОН ДЖЕЙМС, ДЖУЛИУС ХАРРИС, ДЖЕФФРИ ХОЛДЕР, ДЭВИД ХЕДИСОН, ГЛОРИЯ ХЕНДРИ, БЕРНАРД ЛИ В БОЕВИКЕ «НИ ЖИВ, НИ МЕРТВ» (16+)
21.30 Х/Ф «КАРТОЧНЫЙ ДОЛГ» (16+)
23.30 Т/С «ОТВЕТНЫЙ УДАР» (16+)
01.25 Т/С «КОМАНДА «А» (16+)
02.25 Х/Ф «ЖИВИ И ДАЙ УМЕРЕТЬ» (12+)
ЗВЕЗДА-2
5.05 Д/С «МАРШАЛЫ СТАЛИНА» (12+)
6.00 СЕГОДНЯ УТРОМ
8.00 Д/С «ОТЕЧЕСТВЕННОЕ СТРЕЛКОВОЕ ОРУЖИЕ»
9.00 НОВОСТИ ДНЯ
9.15 Т/С «СОБР» (16+)
13.00 НОВОСТИ ДНЯ
13.15 Т/С «СОБР» (16+)
13.30 Т/С «ГАИШНИКИ. ПРОДОЛЖЕНИЕ» (16+)
14.00 ВОЕННЫЕ НОВОСТИ
18.00 НОВОСТИ ДНЯ
18.40 Д/С «ПАРТИЗАНСКИЙ ФРОНТ» (12+)
19.35 ЛЕГЕНДЫ КОСМОСА
20.20 ТЕОРИЯ ЗАГОВОРА (12+)
20.45 НЕ ФАКТ! (6+)
21.35 ПРОЦЕСС (12+)
23.00 НОВОСТИ ДНЯ
23.15 Д/С «ЛЕГЕНДЫ СОВЕТСКОГО СЫСКА» (16+)
00.00 ЗВЕЗДА НА «ЗВЕЗДЕ» (6+)
00.45 Т/С «ТАСС УПОЛНОМОЧЕН ЗАЯВИТЬ...» (6+)
04.55 Д/С «МАРШАЛЫ СТАЛИНА» (12+)
5 КАНАЛ
5.00 Т/С «БАЛАБОЛ» (16+)
7.00 УТРО НА «5»
9.00, 12.00 СЕЙЧАС
9.30 Х/Ф «ПРИЗНАТЬ ВИНОВНЫМ» (12+)
11.10 Х/Ф «ПО ПРОЗВИЩУ «ЗВЕРЬ» (16+)
13.35 Х/Ф «ЗВЕЗДА» (16+)
15.30 СЕЙЧАС
15.55 Т/С «БАЛАБОЛ» (16+)
17.45 Т/С «МАЙОР И МАГИЯ» (16+)
18.30 СЕЙЧАС
19.00 Т/С «ДЕТЕКТИВЫ» (16+)
20.25 Т/С «СЛЕД» (16+)
22.00 СЕЙЧАС
22.25 Т/С «СЛЕД» (16+)
00.00 Т/С «СЛЕД» (16+)
01.00 Х/Ф «ПРИЕЗЖАЯ» (12+)
02.00 Х/Ф «ВОКЗАЛ ДЛЯ ДВОИХ» (12+)
